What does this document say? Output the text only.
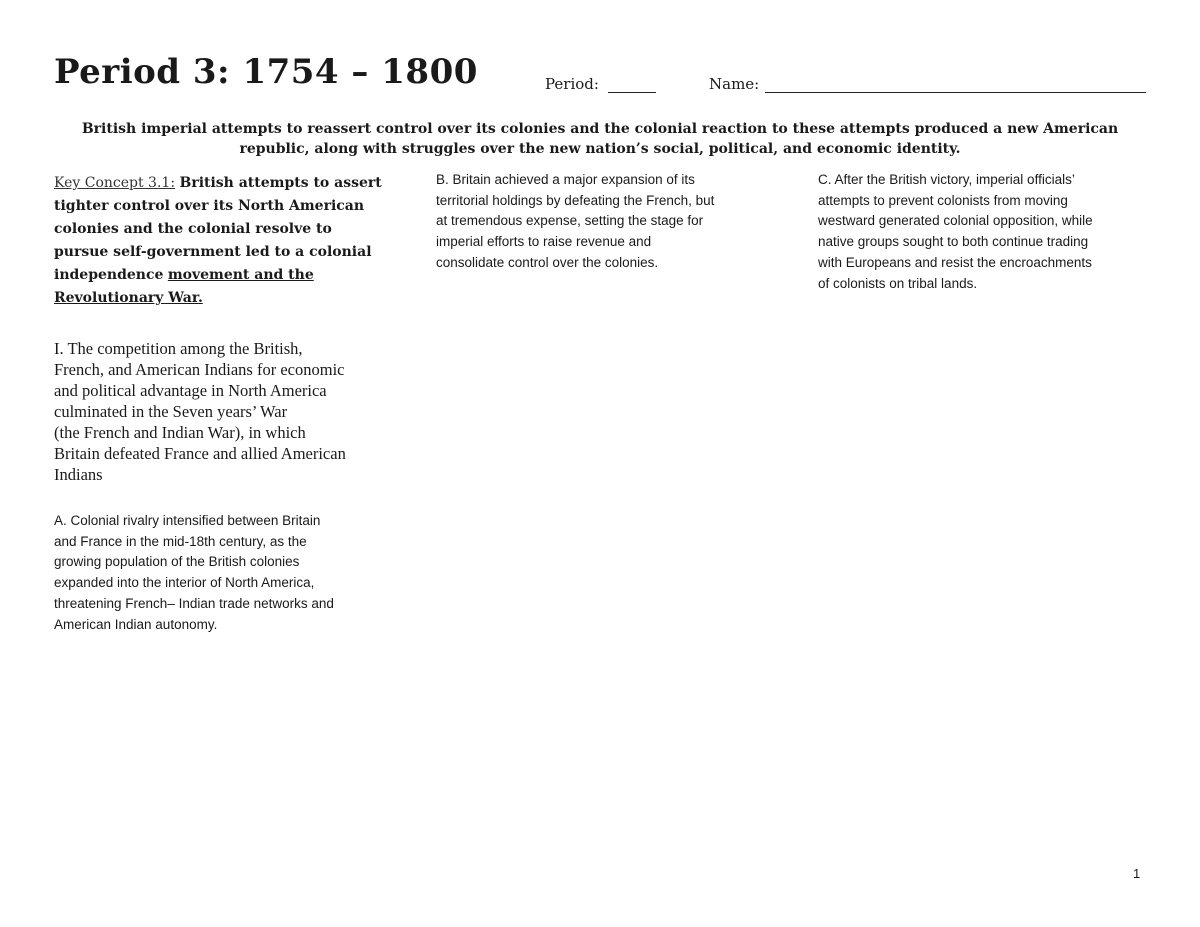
Period 3: 1754 – 1800	Period:	Name:
British imperial attempts to reassert control over its colonies and the colonial reaction to these attempts produced a new American republic, along with struggles over the new nation’s social, political, and economic identity.

Key Concept 3.1: British attempts to assert tighter control over its North American colonies and the colonial resolve to pursue self-government led to a colonial independence movement and the Revolutionary War.

I. The competition among the British,
French, and American Indians for economic
and political advantage in North America
culminated in the Seven years’ War
(the French and Indian War), in which
Britain defeated France and allied American
Indians
A. Colonial rivalry intensified between Britain
and France in the mid-18th century, as the
growing population of the British colonies
expanded into the interior of North America,
threatening French– Indian trade networks and
American Indian autonomy.
B. Britain achieved a major expansion of its
territorial holdings by defeating the French, but
at tremendous expense, setting the stage for
imperial efforts to raise revenue and
consolidate control over the colonies.
C. After the British victory, imperial officials’
attempts to prevent colonists from moving
westward generated colonial opposition, while
native groups sought to both continue trading
with Europeans and resist the encroachments
of colonists on tribal lands.
1
